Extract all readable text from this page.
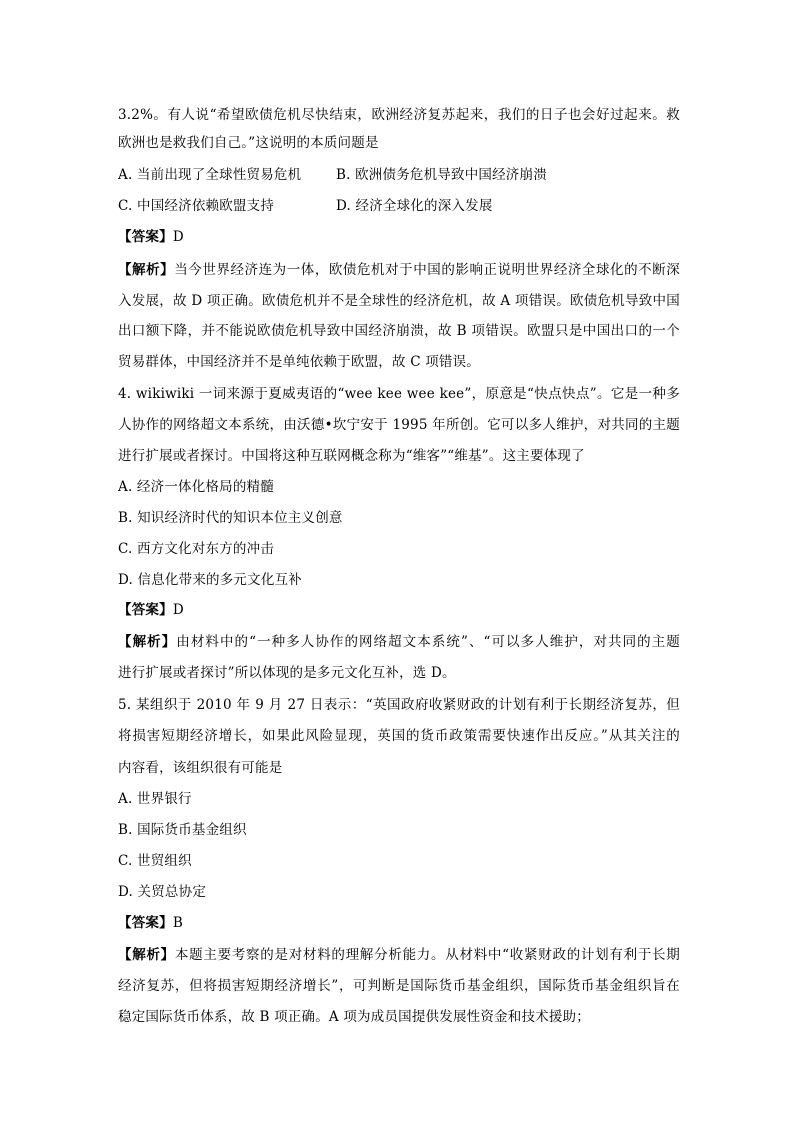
3.2%。有人说“希望欧债危机尽快结束，欧洲经济复苏起来，我们的日子也会好过起来。救
欧洲也是救我们自己。”这说明的本质问题是
A. 当前出现了全球性贸易危机	B. 欧洲债务危机导致中国经济崩溃
C. 中国经济依赖欧盟支持	D. 经济全球化的深入发展
【答案】D
【解析】当今世界经济连为一体，欧债危机对于中国的影响正说明世界经济全球化的不断深
入发展，故 D 项正确。欧债危机并不是全球性的经济危机，故 A 项错误。欧债危机导致中国
出口额下降，并不能说欧债危机导致中国经济崩溃，故 B 项错误。欧盟只是中国出口的一个
贸易群体，中国经济并不是单纯依赖于欧盟，故 C 项错误。
4. wikiwiki 一词来源于夏威夷语的“wee kee wee kee”，原意是“快点快点”。它是一种多
人协作的网络超文本系统，由沃德•坎宁安于 1995 年所创。它可以多人维护，对共同的主题
进行扩展或者探讨。中国将这种互联网概念称为“维客”“维基”。这主要体现了
A. 经济一体化格局的精髓
B. 知识经济时代的知识本位主义创意
C. 西方文化对东方的冲击
D. 信息化带来的多元文化互补
【答案】D
【解析】由材料中的“一种多人协作的网络超文本系统”、“可以多人维护，对共同的主题
进行扩展或者探讨”所以体现的是多元文化互补，选 D。
5. 某组织于 2010 年 9 月 27 日表示：“英国政府收紧财政的计划有利于长期经济复苏，但
将损害短期经济增长，如果此风险显现，英国的货币政策需要快速作出反应。”从其关注的
内容看，该组织很有可能是
A. 世界银行
B. 国际货币基金组织
C. 世贸组织
D. 关贸总协定
【答案】B
【解析】本题主要考察的是对材料的理解分析能力。从材料中“收紧财政的计划有利于长期
经济复苏，但将损害短期经济增长”，可判断是国际货币基金组织，国际货币基金组织旨在
稳定国际货币体系，故 B 项正确。A 项为成员国提供发展性资金和技术援助；
